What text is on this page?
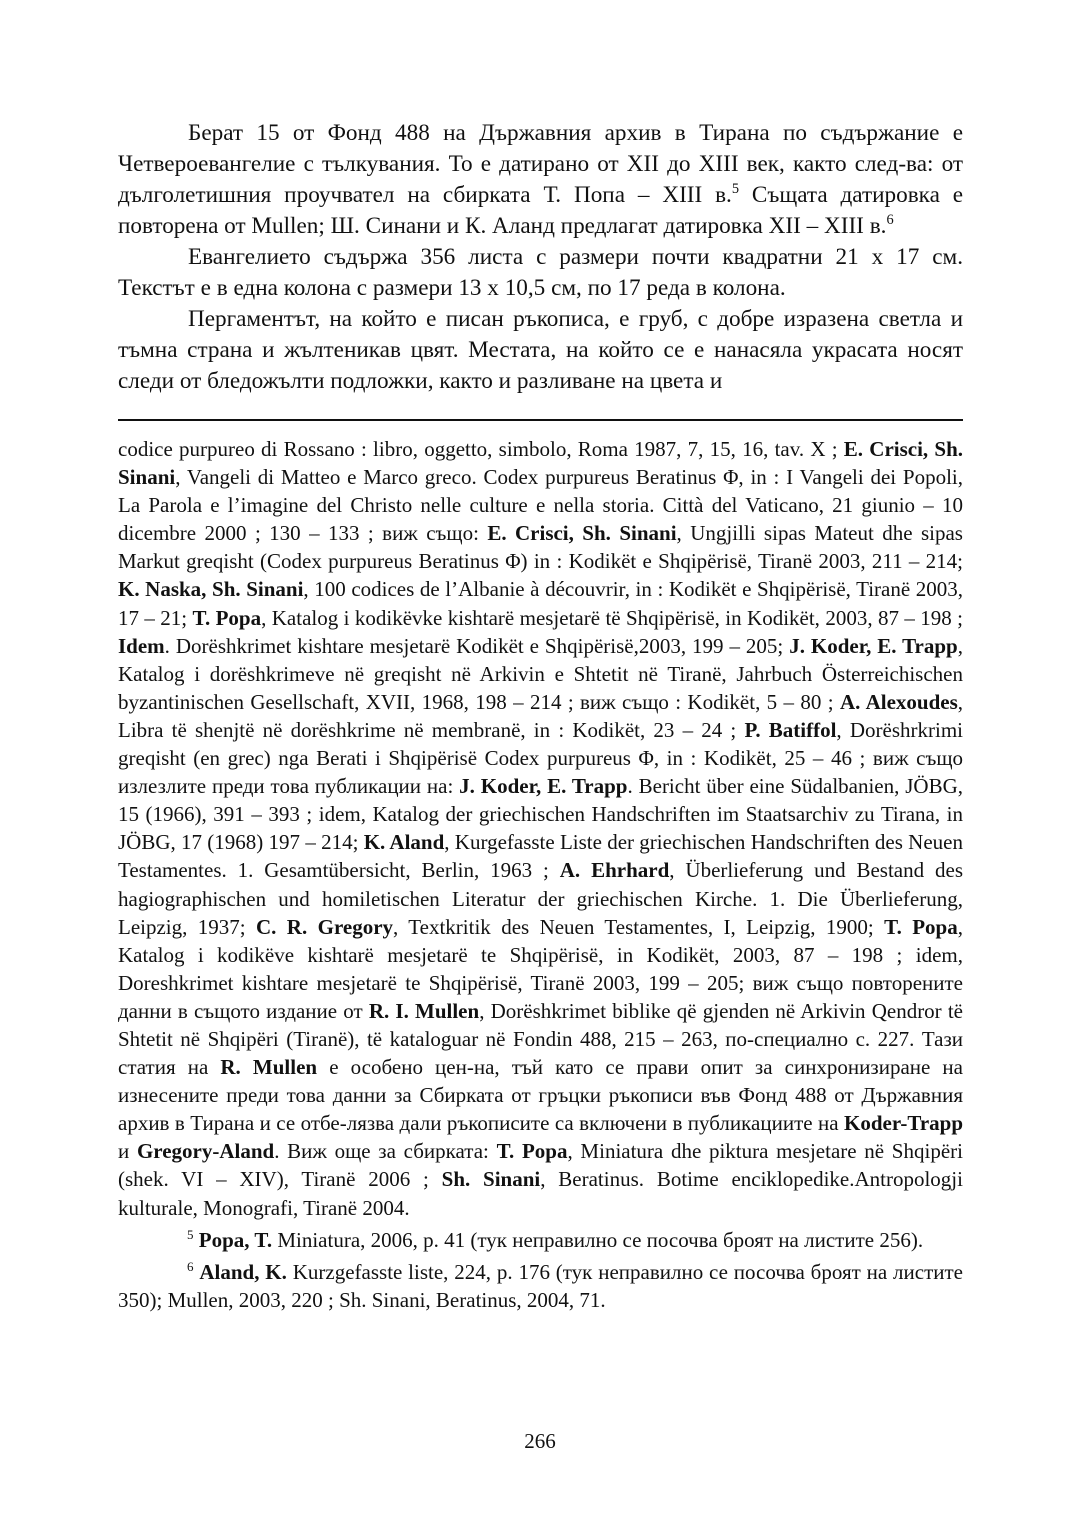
Берат 15 от Фонд 488 на Държавния архив в Тирана по съдържание е Четвероевангелие с тълкувания. То е датирано от XII до XIII век, както след-ва: от дълголетишния проучвател на сбирката Т. Попа – XIII в.$^5$ Същата датировка е повторена от Mullen; Ш. Синани и К. Аланд предлагат датировка XII – XIII в.$^6$

Евангелието съдържа 356 листа с размери почти квадратни 21 х 17 см. Текстът е в една колона с размери 13 х 10,5 см, по 17 реда в колона.

Пергаментът, на който е писан ръкописа, е груб, с добре изразена светла и тъмна страна и жълтеникав цвят. Местата, на който се е нанасяла украсата носят следи от бледожълти подложки, както и разливане на цвета и

codice purpureo di Rossano : libro, oggetto, simbolo, Roma 1987, 7, 15, 16, tav. X ; E. Crisci, Sh. Sinani, Vangeli di Matteo e Marco greco. Codex purpureus Beratinus Φ, in : I Vangeli dei Popoli, La Parola e l’imagine del Christo nelle culture e nella storia. Città del Vaticano, 21 giunio – 10 dicembre 2000 ; 130 – 133 ; виж също: E. Crisci, Sh. Sinani, Ungjilli sipas Mateut dhe sipas Markut greqisht (Codex purpureus Beratinus Φ) in : Kodikët e Shqipërisë, Tiranë 2003, 211 – 214; K. Naska, Sh. Sinani, 100 codices de l’Albanie à découvrir, in : Kodikët e Shqipërisë, Tiranë 2003, 17 – 21; T. Popa, Katalog i kodikëvke kishtarë mesjetarë të Shqipërisë, in Kodikët, 2003, 87 – 198 ; Idem. Dorëshkrimet kishtare mesjetarë Kodikët e Shqipërisë,2003, 199 – 205; J. Koder, E. Trapp, Katalog i dorëshkrimeve në greqisht në Arkivin e Shtetit në Tiranë, Jahrbuch Österreichischen byzantinischen Gesellschaft, XVII, 1968, 198 – 214 ; виж също : Kodikët, 5 – 80 ; A. Alexoudes, Libra të shenjtë në dorëshkrime në membranë, in : Kodikët, 23 – 24 ; P. Batiffol, Dorëshrkrimi greqisht (en grec) nga Berati i Shqipërisë Codex purpureus Φ, in : Kodikët, 25 – 46 ; виж също излезлите преди това публикации на: J. Koder, E. Trapp. Bericht über eine Südalbanien, JÖBG, 15 (1966), 391 – 393 ; idem, Katalog der griechischen Handschriften im Staatsarchiv zu Tirana, in JÖBG, 17 (1968) 197 – 214; K. Aland, Kurgefasste Liste der griechischen Handschriften des Neuen Testamentes. 1. Gesamtübersicht, Berlin, 1963 ; A. Ehrhard, Überlieferung und Bestand des hagiographischen und homiletischen Literatur der griechischen Kirche. 1. Die Überlieferung, Leipzig, 1937; C. R. Gregory, Textkritik des Neuen Testamentes, I, Leipzig, 1900; T. Popa, Katalog i kodikëve kishtarë mesjetarë te Shqipërisë, in Kodikët, 2003, 87 – 198 ; idem, Doreshkrimet kishtare mesjetarë te Shqipërisë, Tiranë 2003, 199 – 205; виж също повторените данни в същото издание от R. I. Mullen, Dorëshkrimet biblike që gjenden në Arkivin Qendror të Shtetit në Shqipëri (Tiranë), të kataloguar në Fondin 488, 215 – 263, по-специално с. 227. Тази статия на R. Mullen е особено цен-на, тъй като се прави опит за синхронизиране на изнесените преди това данни за Сбирката от гръцки ръкописи във Фонд 488 от Държавния архив в Тирана и се отбе-лязва дали ръкописите са включени в публикациите на Koder-Trapp и Gregory-Aland. Виж още за сбирката: T. Popa, Miniatura dhe piktura mesjetare në Shqipëri (shek. VI – XIV), Tiranë 2006 ; Sh. Sinani, Beratinus. Botime enciklopedike.Antropologji kulturale, Monografi, Tiranë 2004.

$^5$ Popa, T. Miniatura, 2006, p. 41 (тук неправилно се посочва броят на листите 256).

$^6$ Aland, K. Kurzgefasste liste, 224, p. 176 (тук неправилно се посочва броят на листите 350); Mullen, 2003, 220 ; Sh. Sinani, Beratinus, 2004, 71.

266
